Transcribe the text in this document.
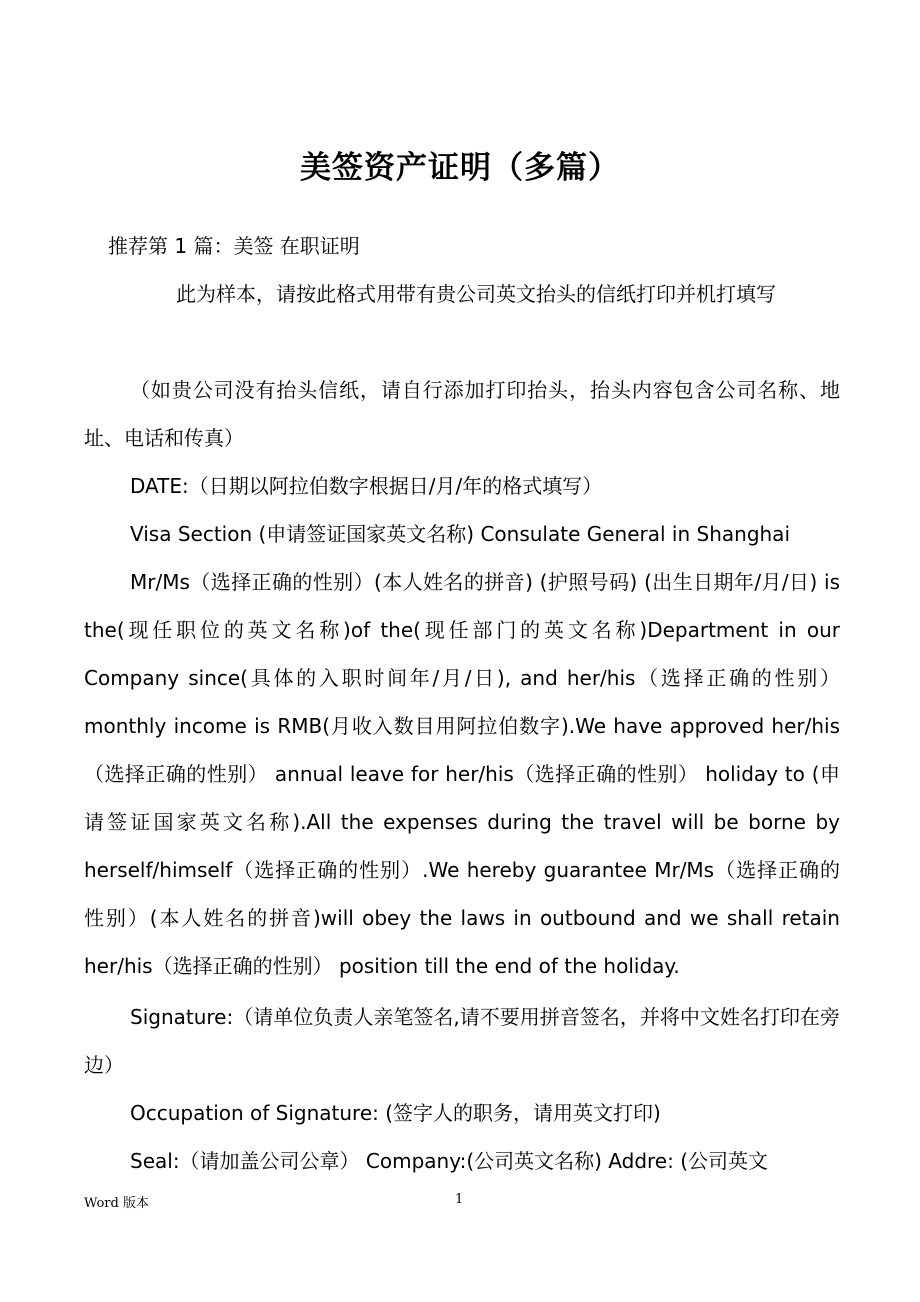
美签资产证明（多篇）

推荐第 1 篇：美签 在职证明

此为样本，请按此格式用带有贵公司英文抬头的信纸打印并机打填写

（如贵公司没有抬头信纸，请自行添加打印抬头，抬头内容包含公司名称、地址、电话和传真）

DATE:（日期以阿拉伯数字根据日/月/年的格式填写）

Visa Section (申请签证国家英文名称) Consulate General in Shanghai

Mr/Ms（选择正确的性别）(本人姓名的拼音) (护照号码) (出生日期年/月/日) is the(现任职位的英文名称)of the(现任部门的英文名称)Department in our Company since(具体的入职时间年/月/日), and her/his（选择正确的性别）monthly income is RMB(月收入数目用阿拉伯数字).We have approved her/his（选择正确的性别） annual leave for her/his（选择正确的性别） holiday to (申请签证国家英文名称).All the expenses during the travel will be borne by herself/himself（选择正确的性别）.We hereby guarantee Mr/Ms（选择正确的性别）(本人姓名的拼音)will obey the laws in outbound and we shall retain her/his（选择正确的性别） position till the end of the holiday.

Signature:（请单位负责人亲笔签名,请不要用拼音签名，并将中文姓名打印在旁边）

Occupation of Signature: (签字人的职务，请用英文打印)

Seal:（请加盖公司公章） Company:(公司英文名称) Addre: (公司英文

Word 版本	1
